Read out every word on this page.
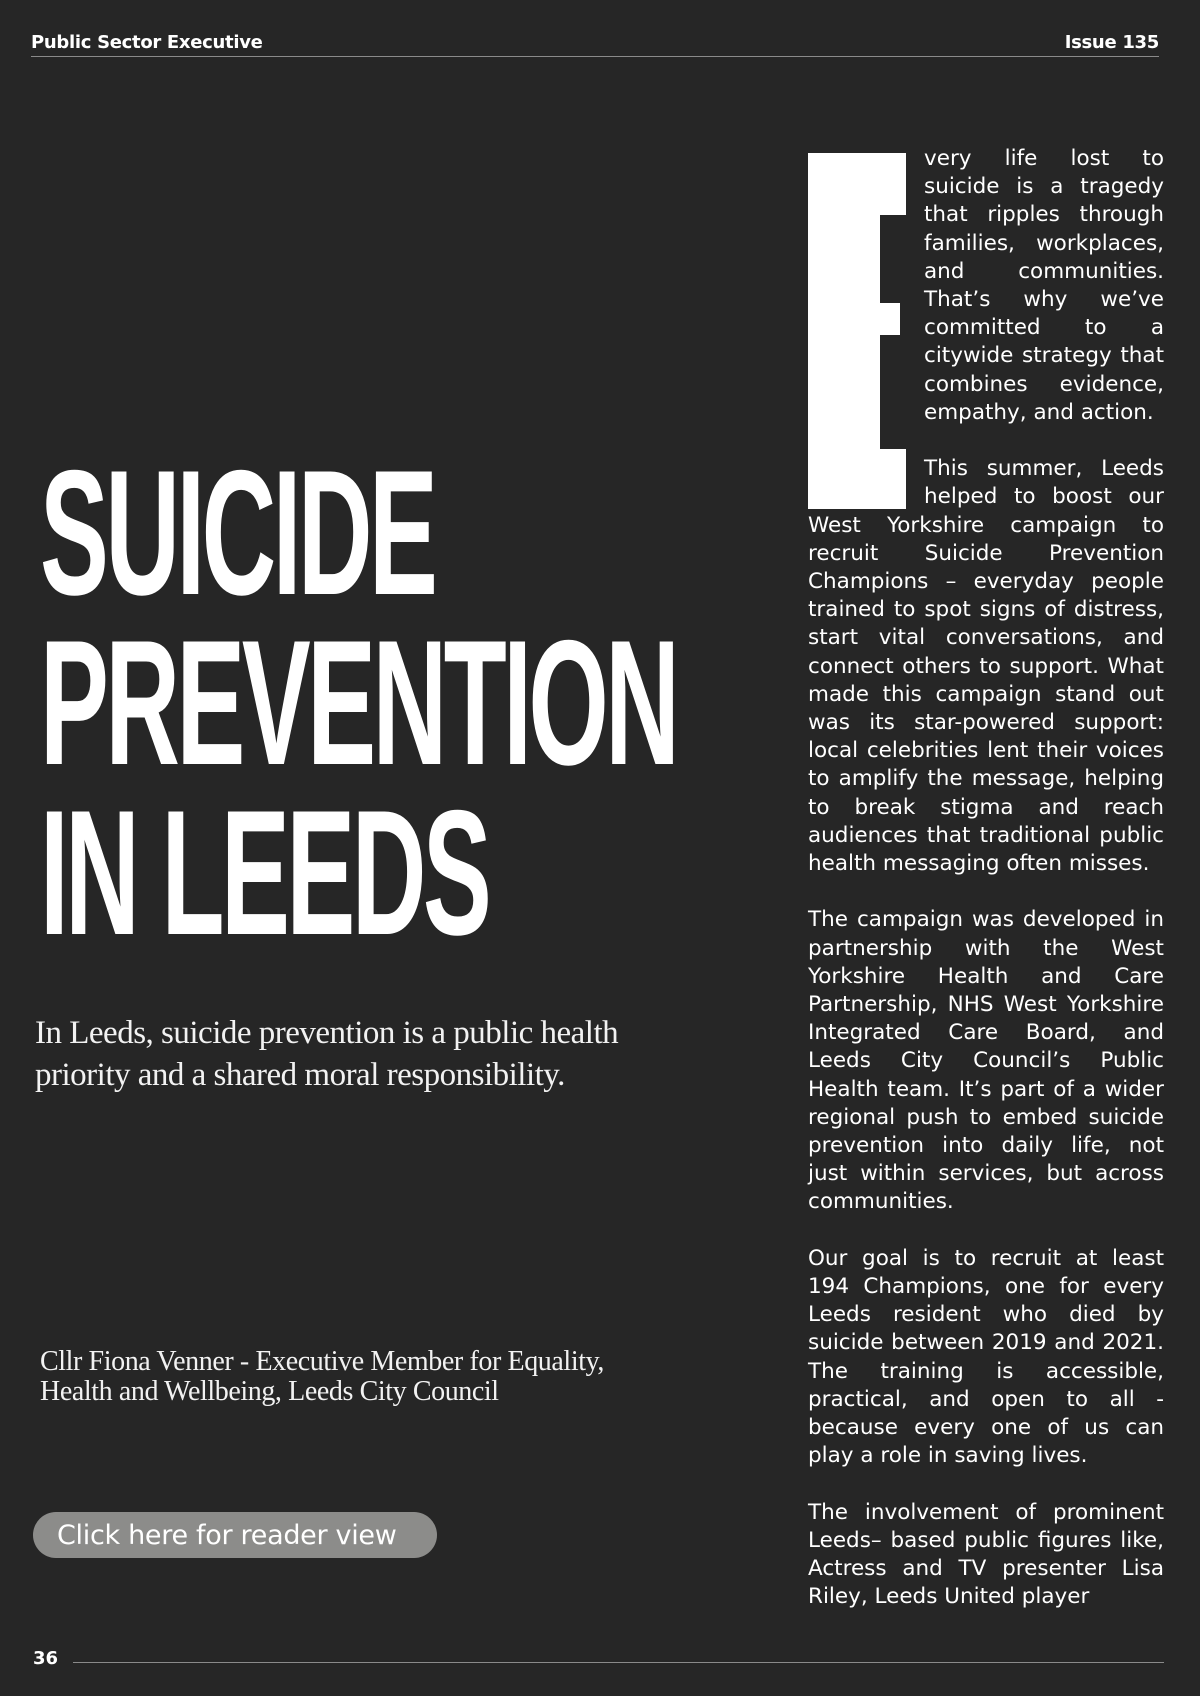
Public Sector Executive	Issue 135
SUICIDE
PREVENTION
IN LEEDS

In Leeds, suicide prevention is a public health priority and a shared moral responsibility.

Cllr Fiona Venner - Executive Member for Equality, Health and Wellbeing, Leeds City Council

Click here for reader view

very life lost to suicide is a tragedy that ripples through families, workplaces, and communities. That’s why we’ve committed to a citywide strategy that combines evidence, empathy, and action.

This summer, Leeds helped to boost our West Yorkshire campaign to recruit Suicide Prevention Champions – everyday people trained to spot signs of distress, start vital conversations, and connect others to support. What made this campaign stand out was its star-powered support: local celebrities lent their voices to amplify the message, helping to break stigma and reach audiences that traditional public health messaging often misses.

The campaign was developed in partnership with the West Yorkshire Health and Care Partnership, NHS West Yorkshire Integrated Care Board, and Leeds City Council’s Public Health team. It’s part of a wider regional push to embed suicide prevention into daily life, not just within services, but across communities.

Our goal is to recruit at least 194 Champions, one for every Leeds resident who died by suicide between 2019 and 2021. The training is accessible, practical, and open to all - because every one of us can play a role in saving lives.

The involvement of prominent Leeds– based public figures like, Actress and TV presenter Lisa Riley, Leeds United player

36
